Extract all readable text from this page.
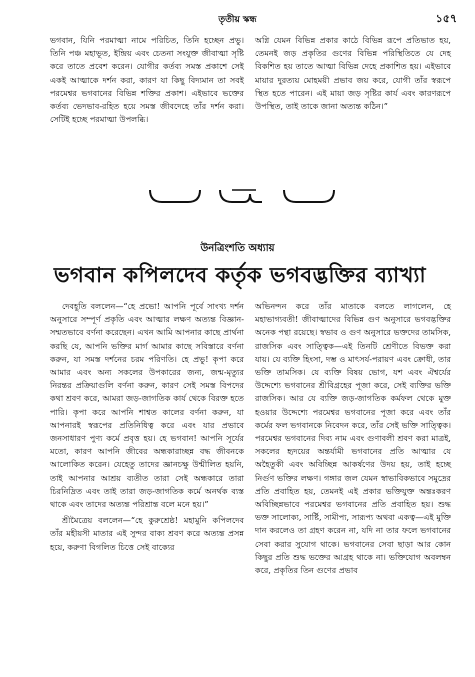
তৃতীয় স্কন্ধ	১৫৭

ভগবান, যিনি পরমাত্মা নামে পরিচিত, তিনি হচ্ছেন প্রভু। তিনি পঞ্চ মহাভূত, ইন্দ্রিয় এবং চেতনা সংযুক্ত জীবাত্মা সৃষ্টি করে তাতে প্রবেশ করেন। যোগীর কর্তব্য সমস্ত প্রকাশে সেই একই আত্মাকে দর্শন করা, কারণ যা কিছু বিদ্যমান তা সবই পরমেশ্বর ভগবানের বিভিন্ন শক্তির প্রকাশ। এইভাবে ভক্তের কর্তব্য ভেদভাব-রহিত হয়ে সমস্ত জীবদেহে তাঁর দর্শন করা। সেটিই হচ্ছে পরমাত্মা উপলব্ধি।

অগ্নি যেমন বিভিন্ন প্রকার কাঠে বিভিন্ন রূপে প্রতিভাত হয়, তেমনই জড় প্রকৃতির গুণের বিভিন্ন পরিস্থিতিতে যে দেহ বিকশিত হয় তাতে আত্মা বিভিন্ন দেহে প্রকাশিত হয়। এইভাবে মায়ার দুরত্যয় মোহময়ী প্রভাব জয় করে, যোগী তাঁর স্বরূপে স্থিত হতে পারেন। এই মায়া জড় সৃষ্টির কার্য এবং কারণরূপে উপস্থিত, তাই তাকে জানা অত্যন্ত কঠিন।”

উনত্রিংশতি অধ্যায়
ভগবান কপিলদেব কর্তৃক ভগবদ্ভক্তির ব্যাখ্যা

দেবহূতি বললেন—“হে প্রভো! আপনি পূর্বে সাংখ্য দর্শন অনুসারে সম্পূর্ণ প্রকৃতি এবং আত্মার লক্ষণ অত্যন্ত বিজ্ঞান-সম্মতভাবে বর্ণনা করেছেন। এখন আমি আপনার কাছে প্রার্থনা করছি যে, আপনি ভক্তির মার্গ আমার কাছে সবিস্তারে বর্ণনা করুন, যা সমস্ত দর্শনের চরম পরিণতি। হে প্রভু! কৃপা করে আমার এবং অন্য সকলের উপকারের জন্য, জন্ম-মৃত্যুর নিরন্তর প্রক্রিয়াগুলি বর্ণনা করুন, কারণ সেই সমস্ত বিপদের কথা শ্রবণ করে, আমরা জড়-জাগতিক কার্য থেকে বিরক্ত হতে পারি। কৃপা করে আপনি শাশ্বত কালের বর্ণনা করুন, যা আপনারই স্বরূপের প্রতিনিধিত্ব করে এবং যার প্রভাবে জনসাধারণ পুণ্য কর্মে প্রবৃত্ত হয়। হে ভগবান! আপনি সূর্যের মতো, কারণ আপনি জীবের অন্ধকারাচ্ছন্ন বদ্ধ জীবনকে আলোকিত করেন। যেহেতু তাদের জ্ঞানচক্ষু উন্মীলিত হয়নি, তাই আপনার আশ্রয় ব্যতীত তারা সেই অন্ধকারে তারা চিরনিদ্রিত এবং তাই তারা জড়-জাগতিক কর্মে অনর্থক ব্যস্ত থাকে এবং তাদের অত্যন্ত পরিশ্রান্ত বলে মনে হয়।”

শ্রীমৈত্রেয় বললেন—“হে কুরুশ্রেষ্ঠ! মহামুনি কপিলদেব তাঁর মহীয়সী মাতার এই সুন্দর বাক্য শ্রবণ করে অত্যন্ত প্রসন্ন হয়ে, করুণা বিগলিত চিত্তে সেই বাক্যের

অভিনন্দন করে তাঁর মাতাকে বলতে লাগলেন, হে মহাভাগ্যবতী! জীবাত্মাদের বিভিন্ন গুণ অনুসারে ভগবদ্ভক্তির অনেক পন্থা রয়েছে। স্বভাব ও গুণ অনুসারে ভক্তদের তামসিক, রাজসিক এবং সাত্ত্বিক—এই তিনটি শ্রেণীতে বিভক্ত করা যায়। যে ব্যক্তি হিংসা, দম্ভ ও মাৎসর্য-পরায়ণ এবং ক্রোধী, তার ভক্তি তামসিক। যে ব্যক্তি বিষয় ভোগ, যশ এবং ঐশ্বর্যের উদ্দেশ্যে ভগবানের শ্রীবিগ্রহের পূজা করে, সেই ব্যক্তির ভক্তি রাজসিক। আর যে ব্যক্তি জড়-জাগতিক কর্মফল থেকে মুক্ত হওয়ার উদ্দেশ্যে পরমেশ্বর ভগবানের পূজা করে এবং তাঁর কর্মের ফল ভগবানকে নিবেদন করে, তাঁর সেই ভক্তি সাত্ত্বিক। পরমেশ্বর ভগবানের দিব্য নাম এবং গুণাবলী শ্রবণ করা মাত্রই, সকলের হৃদয়ের অন্তর্যামী ভগবানের প্রতি আত্মার যে অহৈতুকী এবং অবিচ্ছিন্ন আকর্ষণের উদয় হয়, তাই হচ্ছে নির্গুণ ভক্তির লক্ষণ। গঙ্গার জল যেমন স্বাভাবিকভাবে সমুদ্রের প্রতি প্রবাহিত হয়, তেমনই এই প্রকার ভক্তিযুক্ত অন্তঃকরণ অবিচ্ছিন্নভাবে পরমেশ্বর ভগবানের প্রতি প্রবাহিত হয়। শুদ্ধ ভক্ত সালোক্য, সার্ষ্টি, সামীপ্য, সারূপ্য অথবা একত্ব—এই মুক্তি দান করলেও তা গ্রহণ করেন না, যদি না তার ফলে ভগবানের সেবা করার সুযোগ থাকে। ভগবানের সেবা ছাড়া আর কোন কিছুর প্রতি শুদ্ধ ভক্তের আগ্রহ থাকে না। ভক্তিযোগ অবলম্বন করে, প্রকৃতির তিন গুণের প্রভাব
